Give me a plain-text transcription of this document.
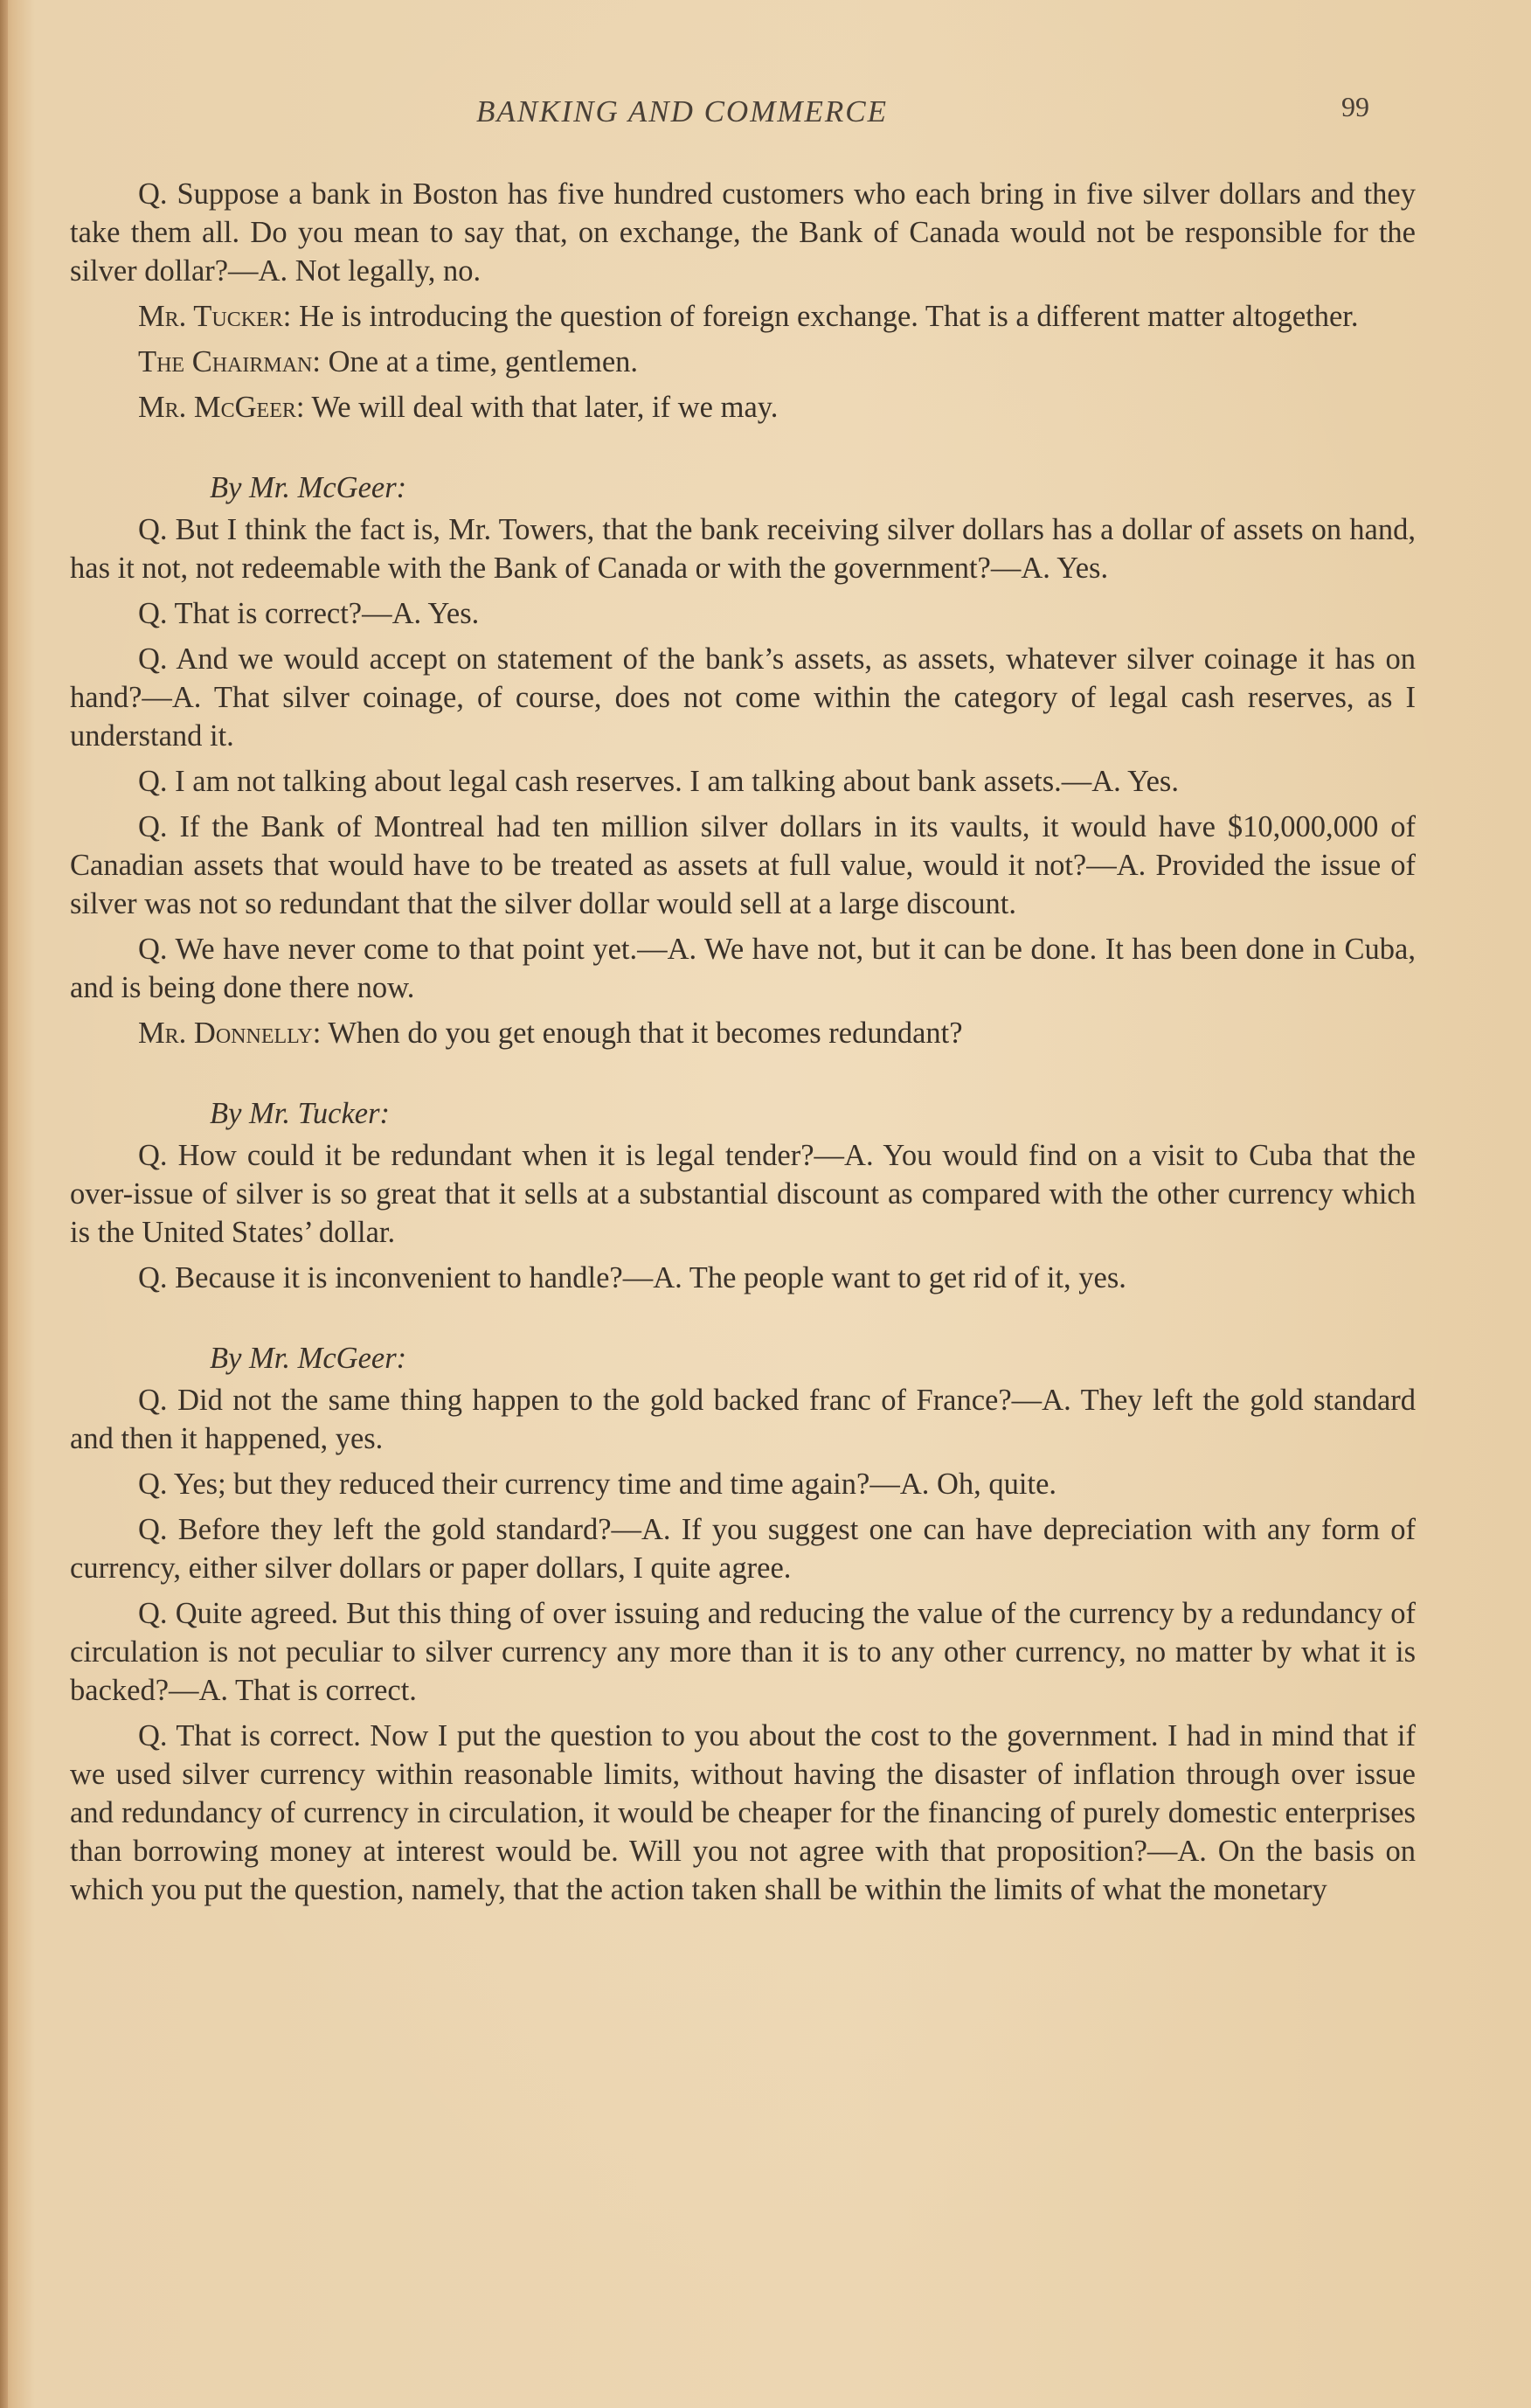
BANKING AND COMMERCE	99

Q. Suppose a bank in Boston has five hundred customers who each bring in five silver dollars and they take them all. Do you mean to say that, on exchange, the Bank of Canada would not be responsible for the silver dollar?—A. Not legally, no.

Mr. Tucker: He is introducing the question of foreign exchange. That is a different matter altogether.

The Chairman: One at a time, gentlemen.

Mr. McGeer: We will deal with that later, if we may.

By Mr. McGeer:

Q. But I think the fact is, Mr. Towers, that the bank receiving silver dollars has a dollar of assets on hand, has it not, not redeemable with the Bank of Canada or with the government?—A. Yes.

Q. That is correct?—A. Yes.

Q. And we would accept on statement of the bank’s assets, as assets, whatever silver coinage it has on hand?—A. That silver coinage, of course, does not come within the category of legal cash reserves, as I understand it.

Q. I am not talking about legal cash reserves. I am talking about bank assets.—A. Yes.

Q. If the Bank of Montreal had ten million silver dollars in its vaults, it would have $10,000,000 of Canadian assets that would have to be treated as assets at full value, would it not?—A. Provided the issue of silver was not so redundant that the silver dollar would sell at a large discount.

Q. We have never come to that point yet.—A. We have not, but it can be done. It has been done in Cuba, and is being done there now.

Mr. Donnelly: When do you get enough that it becomes redundant?

By Mr. Tucker:

Q. How could it be redundant when it is legal tender?—A. You would find on a visit to Cuba that the over-issue of silver is so great that it sells at a substantial discount as compared with the other currency which is the United States’ dollar.

Q. Because it is inconvenient to handle?—A. The people want to get rid of it, yes.

By Mr. McGeer:

Q. Did not the same thing happen to the gold backed franc of France?—A. They left the gold standard and then it happened, yes.

Q. Yes; but they reduced their currency time and time again?—A. Oh, quite.

Q. Before they left the gold standard?—A. If you suggest one can have depreciation with any form of currency, either silver dollars or paper dollars, I quite agree.

Q. Quite agreed. But this thing of over issuing and reducing the value of the currency by a redundancy of circulation is not peculiar to silver currency any more than it is to any other currency, no matter by what it is backed?—A. That is correct.

Q. That is correct. Now I put the question to you about the cost to the government. I had in mind that if we used silver currency within reasonable limits, without having the disaster of inflation through over issue and redundancy of currency in circulation, it would be cheaper for the financing of purely domestic enterprises than borrowing money at interest would be. Will you not agree with that proposition?—A. On the basis on which you put the question, namely, that the action taken shall be within the limits of what the monetary
